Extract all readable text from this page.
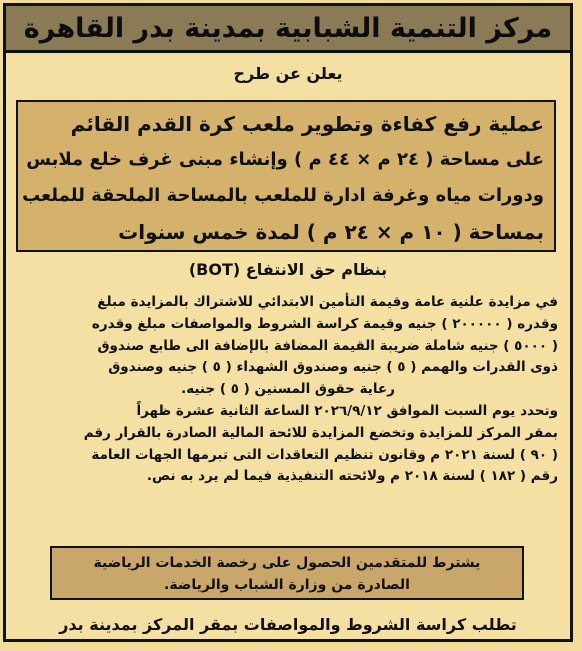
مركز التنمية الشبابية بمدينة بدر القاهرة
يعلن عن طرح
عملية رفع كفاءة وتطوير ملعب كرة القدم القائم
على مساحة ( ٢٤ م × ٤٤ م ) وإنشاء مبنى غرف خلع ملابس
ودورات مياه وغرفة ادارة للملعب بالمساحة الملحقة للملعب
بمساحة ( ١٠ م × ٢٤ م ) لمدة خمس سنوات
بنظام حق الانتفاع (BOT)
في مزايدة علنية عامة وقيمة التأمين الابتدائي للاشتراك بالمزايدة مبلغ
وقدره ( ٢٠٠٠٠٠ ) جنيه وقيمة كراسة الشروط والمواصفات مبلغ وقدره
( ٥٠٠٠ ) جنيه شاملة ضريبة القيمة المضافة بالإضافة الى طابع صندوق
ذوى القدرات والهمم ( ٥ ) جنيه وصندوق الشهداء ( ٥ ) جنيه وصندوق
رعاية حقوق المسنين ( ٥ ) جنيه.
وتحدد يوم السبت الموافق ٢٠٢٦/٩/١٢ الساعة الثانية عشرة ظهراً
بمقر المركز للمزايدة وتخضع المزايدة للائحة المالية الصادرة بالقرار رقم
( ٩٠ ) لسنة ٢٠٢١ م وقانون تنظيم التعاقدات التى تبرمها الجهات العامة
رقم ( ١٨٢ ) لسنة ٢٠١٨ م ولائحته التنفيذية فيما لم يرد به نص.
يشترط للمتقدمين الحصول على رخصة الخدمات الرياضية
الصادرة من وزارة الشباب والرياضة.
تطلب كراسة الشروط والمواصفات بمقر المركز بمدينة بدر
